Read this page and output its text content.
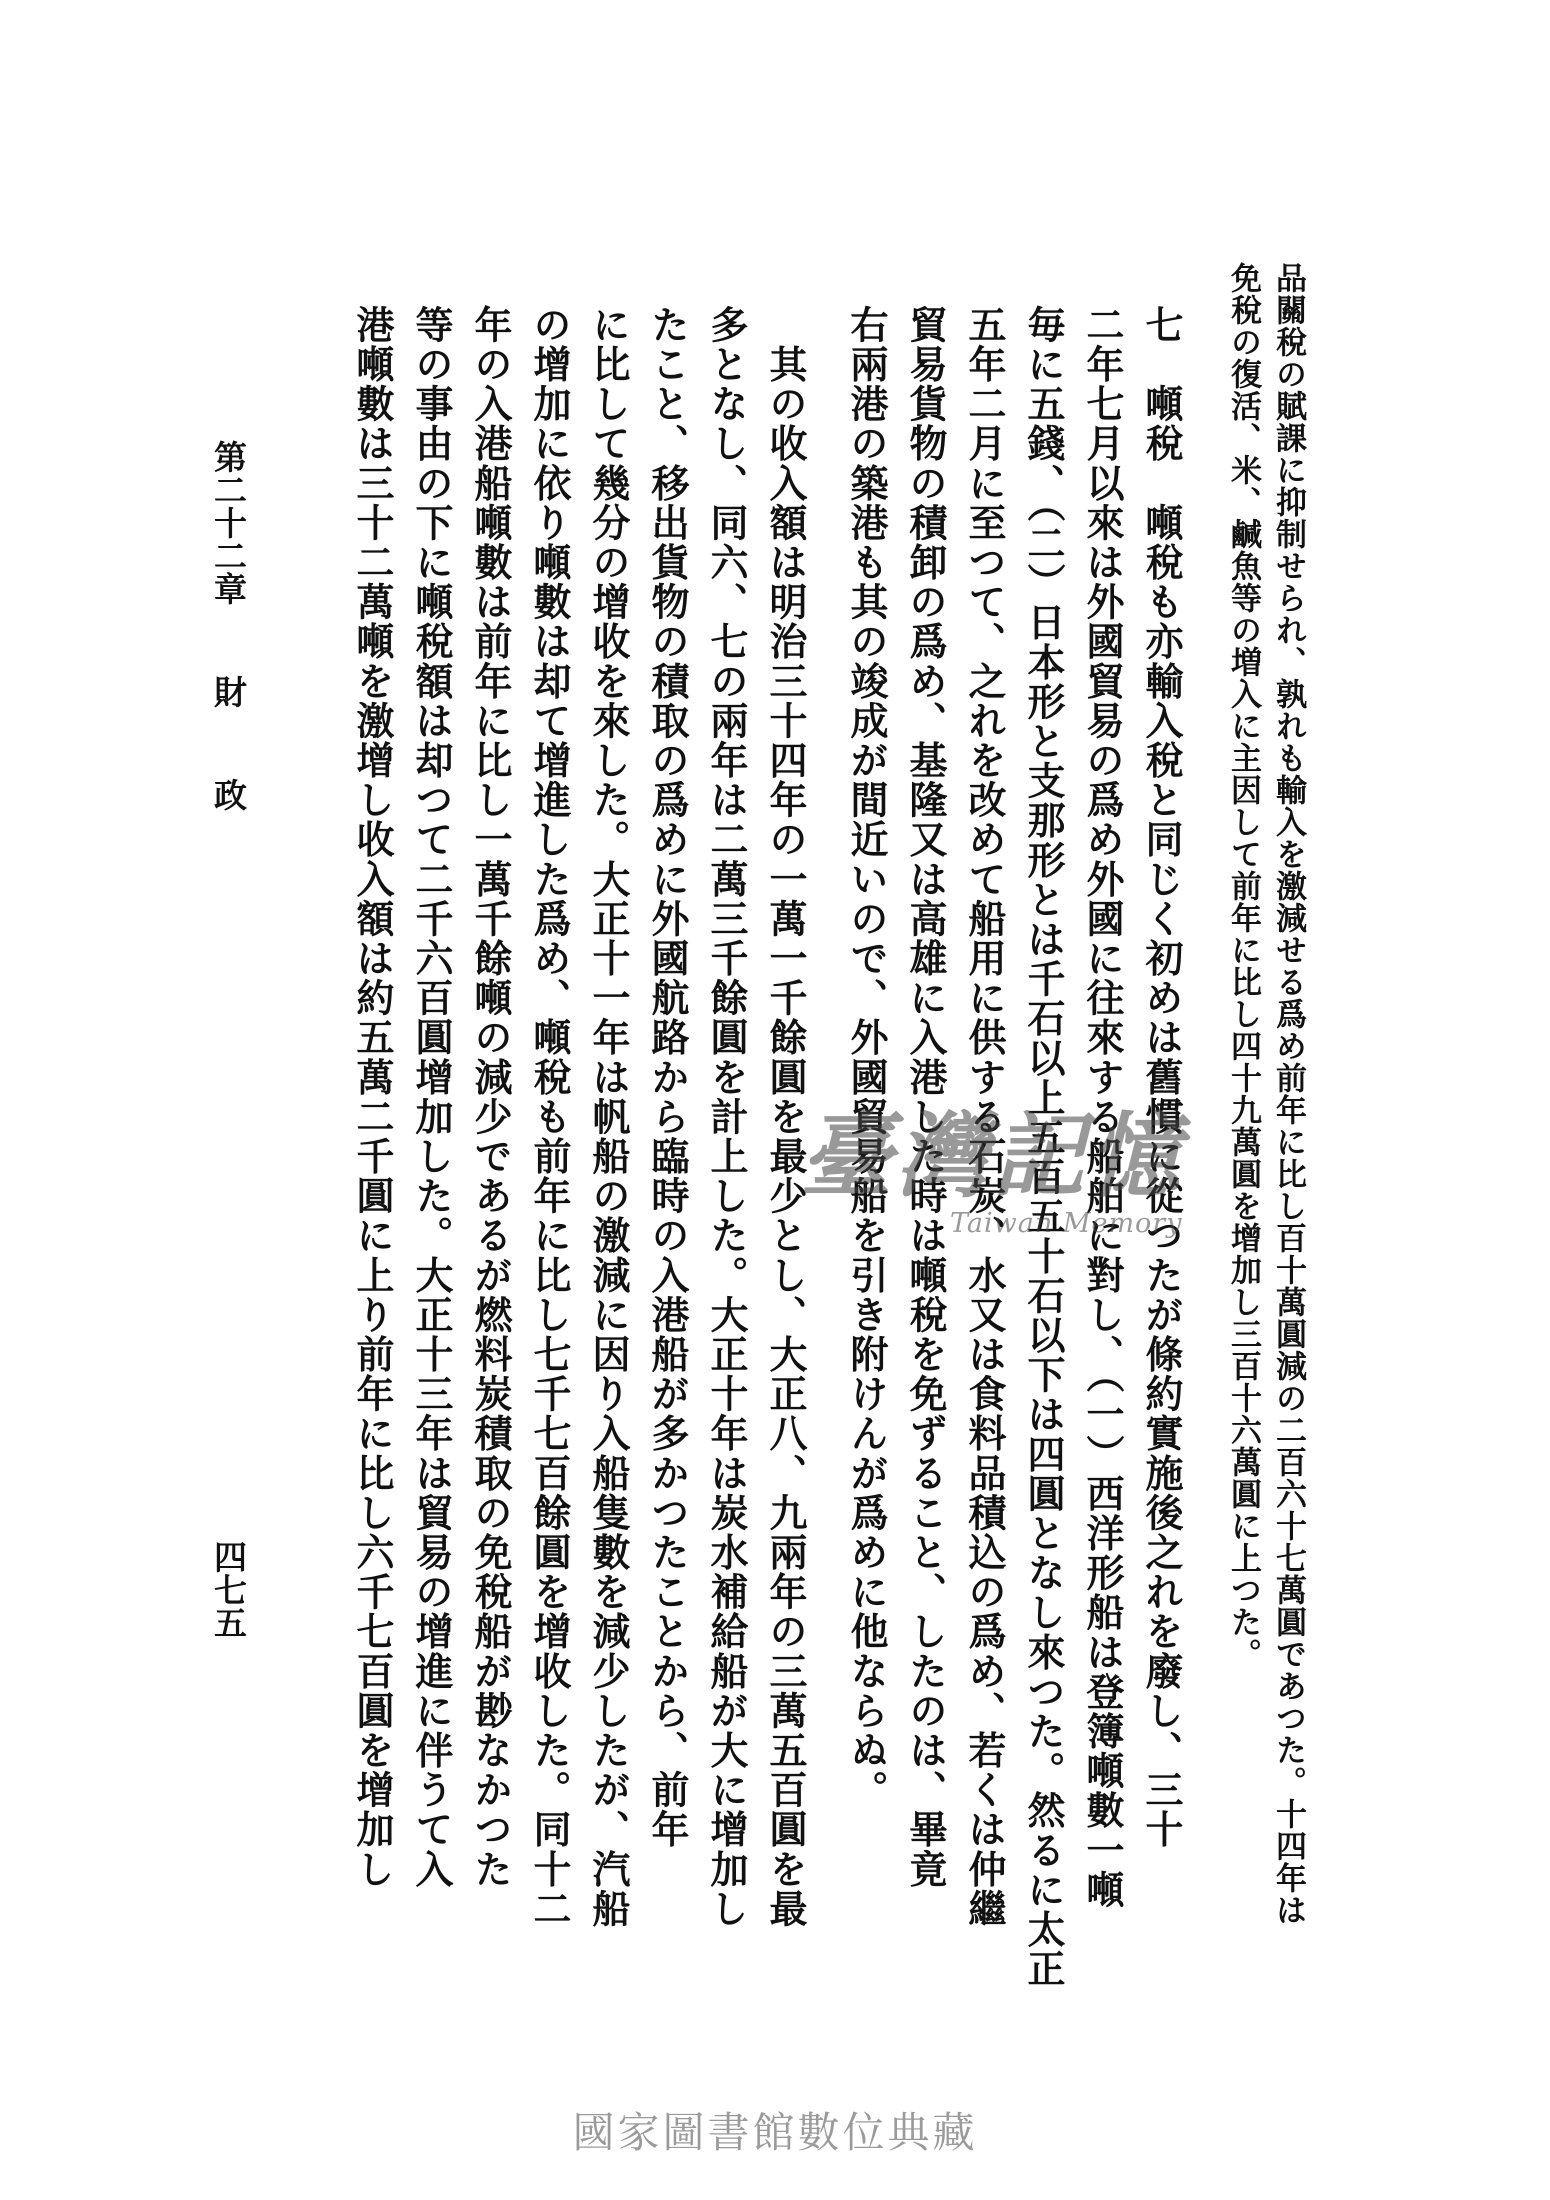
品關稅の賦課に抑制せられ、孰れも輸入を激減せる爲め前年に比し百十萬圓減の二百六十七萬圓であつた。十四年は
免稅の復活、米、鹹魚等の増入に主因して前年に比し四十九萬圓を增加し三百十六萬圓に上つた。
七　噸稅　噸稅も亦輸入稅と同じく初めは舊慣に從つたが條約實施後之れを廢し、三十
二年七月以來は外國貿易の爲め外國に往來する船舶に對し、（一）西洋形船は登簿噸數一噸
毎に五錢、（二）日本形と支那形とは千石以上五百五十石以下は四圓となし來つた。然るに太正
五年二月に至つて、之れを改めて船用に供する石炭、水又は食料品積込の爲め、若くは仲繼
貿易貨物の積卸の爲め、基隆又は高雄に入港した時は噸稅を免ずること、したのは、畢竟
右兩港の築港も其の竣成が間近いので、外國貿易船を引き附けんが爲めに他ならぬ。
　其の收入額は明治三十四年の一萬一千餘圓を最少とし、大正八、九兩年の三萬五百圓を最
多となし、同六、七の兩年は二萬三千餘圓を計上した。大正十年は炭水補給船が大に增加し
たこと、移出貨物の積取の爲めに外國航路から臨時の入港船が多かつたことから、前年
に比して幾分の增收を來した。大正十一年は帆船の激減に因り入船隻數を減少したが、汽船
の增加に依り噸數は却て增進した爲め、噸稅も前年に比し七千七百餘圓を增收した。同十二
年の入港船噸數は前年に比し一萬千餘噸の減少であるが燃料炭積取の免稅船が尠なかつた
等の事由の下に噸稅額は却つて二千六百圓增加した。大正十三年は貿易の增進に伴うて入
港噸數は三十二萬噸を激增し收入額は約五萬二千圓に上り前年に比し六千七百圓を增加し
第二十二章財政
四七五
臺灣記憶
Taiwan Memory
國家圖書館數位典藏
